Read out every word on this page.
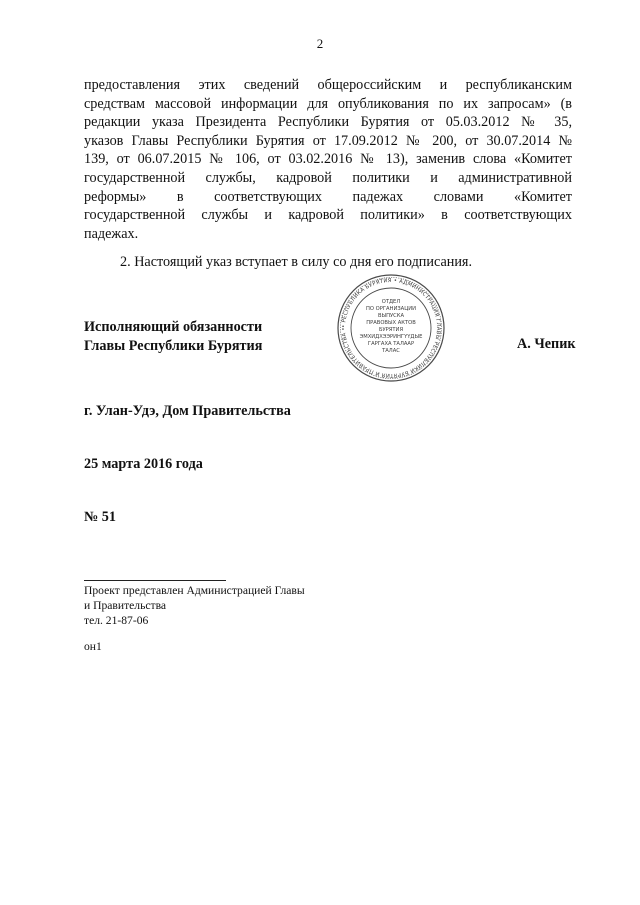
2
предоставления этих сведений общероссийским и республиканским
средствам массовой информации для опубликования по их запросам» (в
редакции указа Президента Республики Бурятия от 05.03.2012 № 35,
указов Главы Республики Бурятия от 17.09.2012 № 200, от 30.07.2014 №
139, от 06.07.2015 № 106, от 03.02.2016 № 13), заменив слова «Комитет
государственной службы, кадровой политики и административной
реформы» в соответствующих падежах словами «Комитет
государственной службы и кадровой политики» в соответствующих
падежах.
2. Настоящий указ вступает в силу со дня его подписания.
Исполняющий обязанности
Главы Республики Бурятия
• РЕСПУБЛИКА БУРЯТИЯ • АДМИНИСТРАЦИЯ ГЛАВЫ РЕСПУБЛИКИ БУРЯТИЯ И ПРАВИТЕЛЬСТВА •
ОТДЕЛ
ПО ОРГАНИЗАЦИИ
ВЫПУСКА
ПРАВОВЫХ АКТОВ
БУРЯТИЯ
ЭМХИДХЭЭРИНГҮҮДЫЕ
ГАРГАХА ТАЛААР
ТАЛАС	А. Чепик
г. Улан-Удэ, Дом Правительства
25 марта 2016 года
№ 51
Проект представлен Администрацией Главы
и Правительства
тел. 21-87-06
он1
